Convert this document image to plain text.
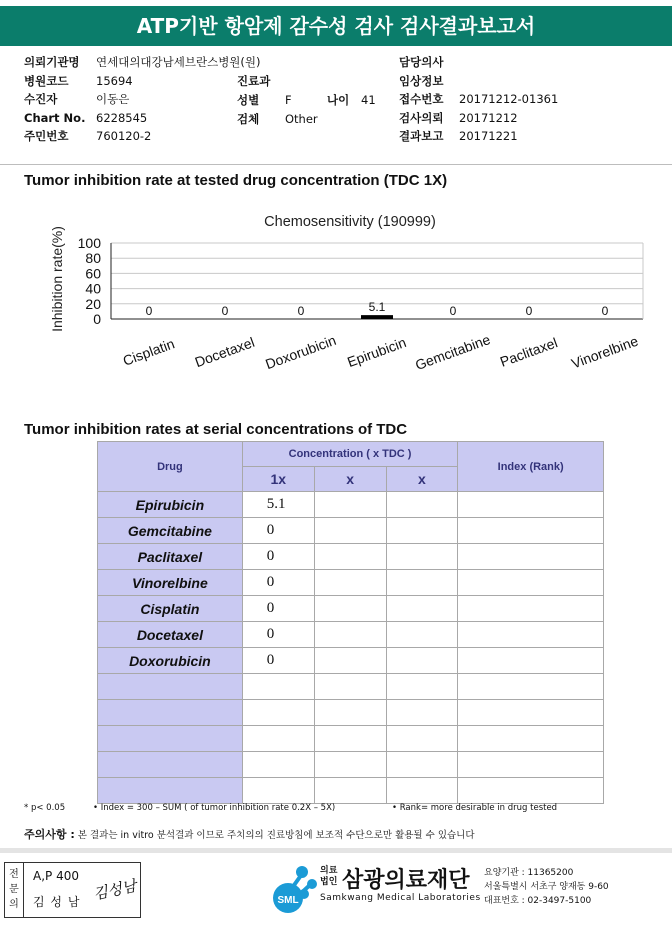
ATP기반 항암제 감수성 검사 검사결과보고서
의뢰기관명 연세대의대강남세브란스병원(원)
병원코드 15694
수진자	이동은
Chart No. 6228545
주민번호 760120-2
진료과
성별 F	나이 41
검체 Other
담당의사
임상정보
접수번호 20171212-01361
검사의뢰 20171212
결과보고 20171221
Tumor inhibition rate at tested drug concentration (TDC 1X)
Chemosensitivity (190999)
Inhibition rate(%) 0
20
40
60
80
100
0
Cisplatin
0
Docetaxel
0
Doxorubicin
5.1
Epirubicin
0
Gemcitabine
0
Paclitaxel
0
Vinorelbine
Tumor inhibition rates at serial concentrations of TDC
Drug	Concentration ( x TDC )			Index (Rank)
	1x	x	x	
Epirubicin	5.1			
Gemcitabine	0			
Paclitaxel	0			
Vinorelbine	0			
Cisplatin	0			
Docetaxel	0			
Doxorubicin	0			

* p< 0.05	• Index = 300 – SUM ( of tumor inhibition rate 0.2X – 5X)	• Rank= more desirable in drug tested
주의사항 : 본 결과는 in vitro 분석결과 이므로 주치의의 진료방침에 보조적 수단으로만 활용될 수 있습니다
전문의
A,P 400
김 성 남 김성남	SML
의료 법인 삼광의료재단
Samkwang Medical Laboratories
요양기관 : 11365200
서울특별시 서초구 양재동 9-60
대표번호 : 02-3497-5100
